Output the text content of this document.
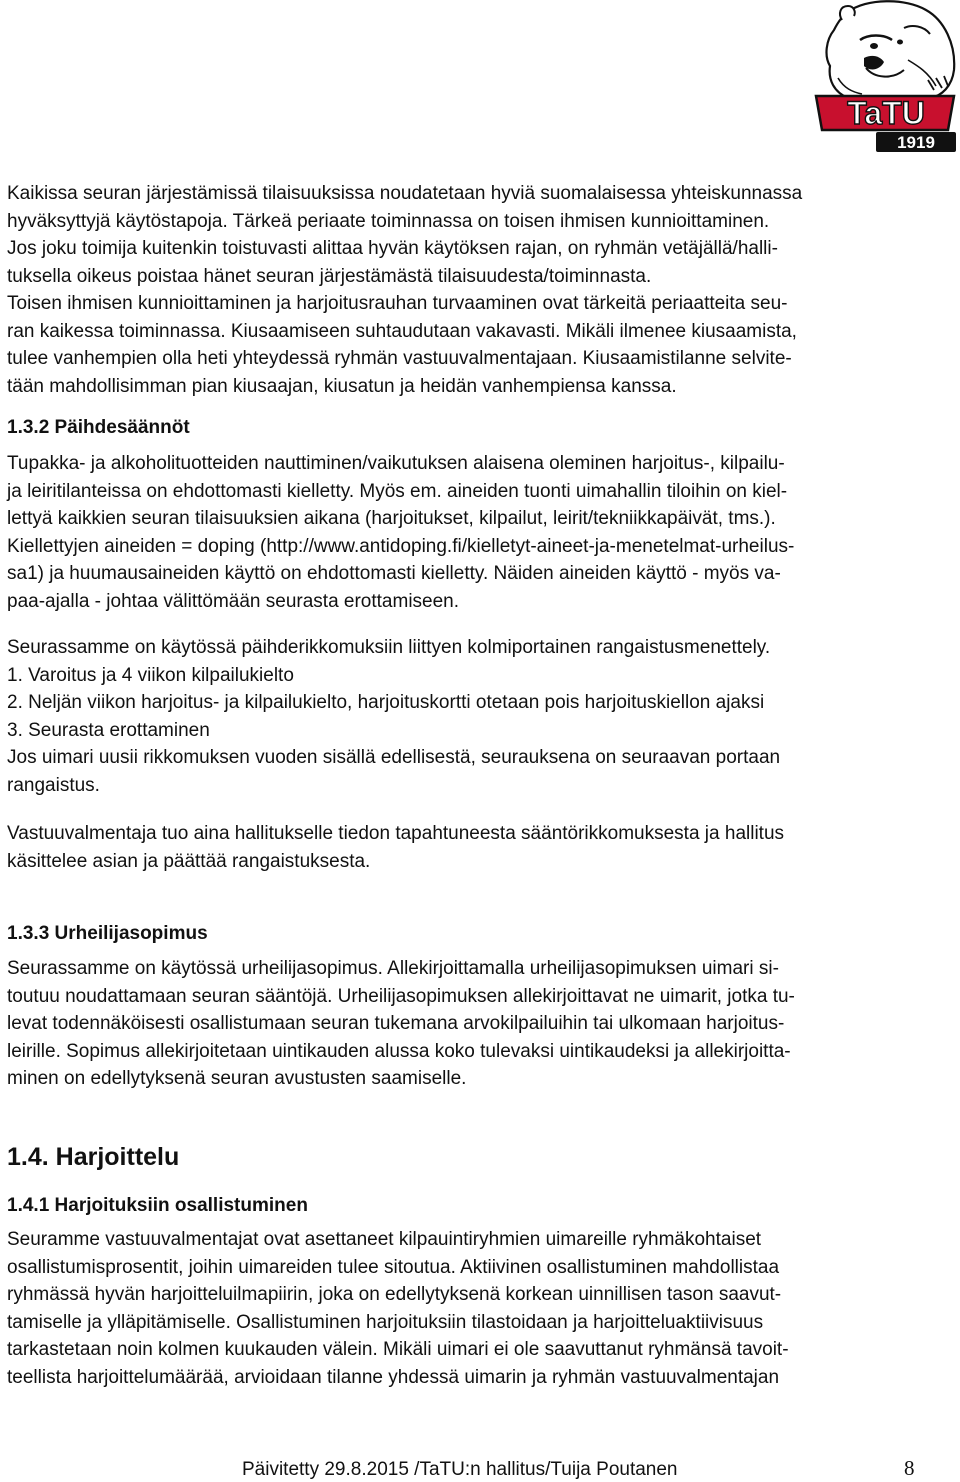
TaTU
1919
Kaikissa seuran järjestämissä tilaisuuksissa noudatetaan hyviä suomalaisessa yhteiskunnassa
hyväksyttyjä käytöstapoja. Tärkeä periaate toiminnassa on toisen ihmisen kunnioittaminen.
Jos joku toimija kuitenkin toistuvasti alittaa hyvän käytöksen rajan, on ryhmän vetäjällä/halli-
tuksella oikeus poistaa hänet seuran järjestämästä tilaisuudesta/toiminnasta.
Toisen ihmisen kunnioittaminen ja harjoitusrauhan turvaaminen ovat tärkeitä periaatteita seu-
ran kaikessa toiminnassa. Kiusaamiseen suhtaudutaan vakavasti. Mikäli ilmenee kiusaamista,
tulee vanhempien olla heti yhteydessä ryhmän vastuuvalmentajaan. Kiusaamistilanne selvite-
tään mahdollisimman pian kiusaajan, kiusatun ja heidän vanhempiensa kanssa.
1.3.2 Päihdesäännöt
Tupakka- ja alkoholituotteiden nauttiminen/vaikutuksen alaisena oleminen harjoitus-, kilpailu-
ja leiritilanteissa on ehdottomasti kielletty. Myös em. aineiden tuonti uimahallin tiloihin on kiel-
lettyä kaikkien seuran tilaisuuksien aikana (harjoitukset, kilpailut, leirit/tekniikkapäivät, tms.).
Kiellettyjen aineiden = doping (http://www.antidoping.fi/kielletyt-aineet-ja-menetelmat-urheilus-
sa1) ja huumausaineiden käyttö on ehdottomasti kielletty. Näiden aineiden käyttö - myös va-
paa-ajalla - johtaa välittömään seurasta erottamiseen.
Seurassamme on käytössä päihderikkomuksiin liittyen kolmiportainen rangaistusmenettely.
1. Varoitus ja 4 viikon kilpailukielto
2. Neljän viikon harjoitus- ja kilpailukielto, harjoituskortti otetaan pois harjoituskiellon ajaksi
3. Seurasta erottaminen
Jos uimari uusii rikkomuksen vuoden sisällä edellisestä, seurauksena on seuraavan portaan
rangaistus.
Vastuuvalmentaja tuo aina hallitukselle tiedon tapahtuneesta sääntörikkomuksesta ja hallitus
käsittelee asian ja päättää rangaistuksesta.
1.3.3 Urheilijasopimus
Seurassamme on käytössä urheilijasopimus. Allekirjoittamalla urheilijasopimuksen uimari si-
toutuu noudattamaan seuran sääntöjä. Urheilijasopimuksen allekirjoittavat ne uimarit, jotka tu-
levat todennäköisesti osallistumaan seuran tukemana arvokilpailuihin tai ulkomaan harjoitus-
leirille. Sopimus allekirjoitetaan uintikauden alussa koko tulevaksi uintikaudeksi ja allekirjoitta-
minen on edellytyksenä seuran avustusten saamiselle.
1.4. Harjoittelu
1.4.1 Harjoituksiin osallistuminen
Seuramme vastuuvalmentajat ovat asettaneet kilpauintiryhmien uimareille ryhmäkohtaiset
osallistumisprosentit, joihin uimareiden tulee sitoutua. Aktiivinen osallistuminen mahdollistaa
ryhmässä hyvän harjoitteluilmapiirin, joka on edellytyksenä korkean uinnillisen tason saavut-
tamiselle ja ylläpitämiselle. Osallistuminen harjoituksiin tilastoidaan ja harjoitteluaktiivisuus
tarkastetaan noin kolmen kuukauden välein. Mikäli uimari ei ole saavuttanut ryhmänsä tavoit-
teellista harjoittelumäärää, arvioidaan tilanne yhdessä uimarin ja ryhmän vastuuvalmentajan
Päivitetty 29.8.2015 /TaTU:n hallitus/Tuija Poutanen	8
